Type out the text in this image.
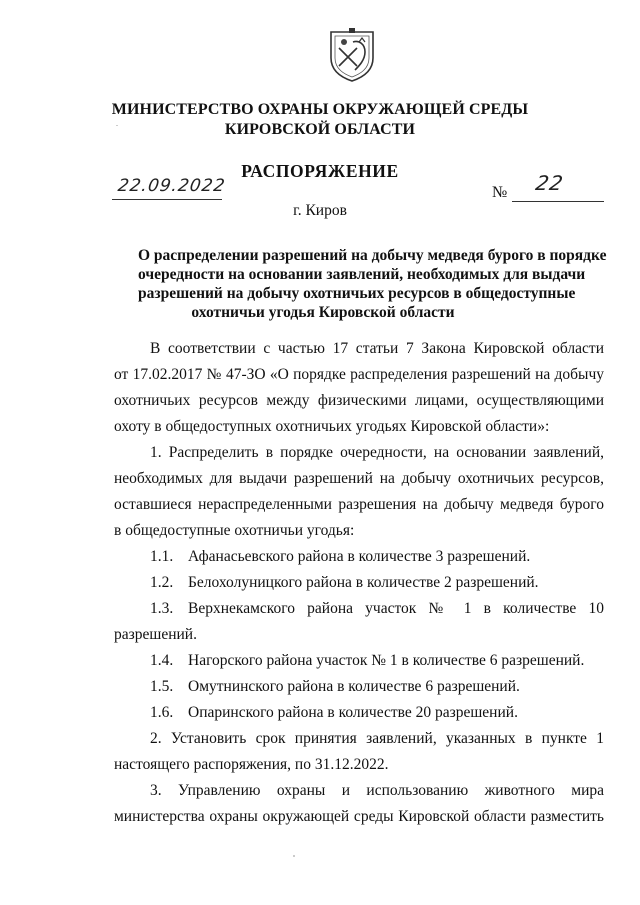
МИНИСТЕРСТВО ОХРАНЫ ОКРУЖАЮЩЕЙ СРЕДЫ
КИРОВСКОЙ ОБЛАСТИ
РАСПОРЯЖЕНИЕ
22.09.2022	№ 22
г. Киров
О распределении разрешений на добычу медведя бурого в порядке
очередности на основании заявлений, необходимых для выдачи
разрешений на добычу охотничьих ресурсов в общедоступные
охотничьи угодья Кировской области
В соответствии с частью 17 статьи 7 Закона Кировской области
от 17.02.2017 № 47-ЗО «О порядке распределения разрешений на добычу
охотничьих ресурсов между физическими лицами, осуществляющими
охоту в общедоступных охотничьих угодьях Кировской области»:
1. Распределить в порядке очередности, на основании заявлений,
необходимых для выдачи разрешений на добычу охотничьих ресурсов,
оставшиеся нераспределенными разрешения на добычу медведя бурого
в общедоступные охотничьи угодья:
1.1. Афанасьевского района в количестве 3 разрешений.
1.2. Белохолуницкого района в количестве 2 разрешений.
1.3. Верхнекамского района участок № 1 в количестве 10
разрешений.
1.4. Нагорского района участок № 1 в количестве 6 разрешений.
1.5. Омутнинского района в количестве 6 разрешений.
1.6. Опаринского района в количестве 20 разрешений.
2. Установить срок принятия заявлений, указанных в пункте 1
настоящего распоряжения, по 31.12.2022.
3. Управлению охраны и использованию животного мира
министерства охраны окружающей среды Кировской области разместить
